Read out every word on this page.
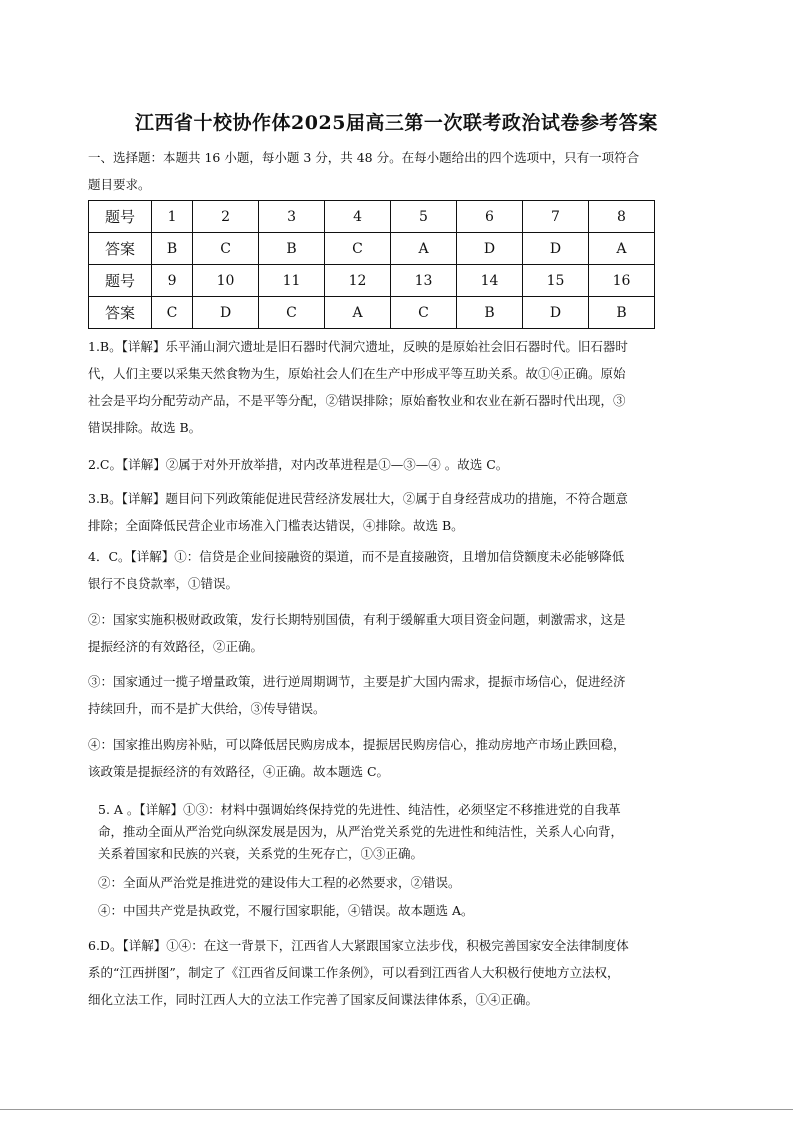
江西省十校协作体2025届高三第一次联考政治试卷参考答案
一、选择题：本题共 16 小题，每小题 3 分，共 48 分。在每小题给出的四个选项中，只有一项符合
题目要求。
题号	1	2	3	4	5	6	7	8
答案	B	C	B	C	A	D	D	A
题号	9	10	11	12	13	14	15	16
答案	C	D	C	A	C	B	D	B
1.B。【详解】乐平涌山洞穴遗址是旧石器时代洞穴遗址，反映的是原始社会旧石器时代。旧石器时
代，人们主要以采集天然食物为生，原始社会人们在生产中形成平等互助关系。故①④正确。原始
社会是平均分配劳动产品，不是平等分配，②错误排除；原始畜牧业和农业在新石器时代出现，③
错误排除。故选 B。
2.C。【详解】②属于对外开放举措，对内改革进程是①—③—④ 。故选 C。
3.B。【详解】题目问下列政策能促进民营经济发展壮大，②属于自身经营成功的措施，不符合题意
排除；全面降低民营企业市场准入门槛表达错误，④排除。故选 B。
4．C。【详解】①：信贷是企业间接融资的渠道，而不是直接融资，且增加信贷额度未必能够降低
银行不良贷款率，①错误。
②：国家实施积极财政政策，发行长期特别国债，有利于缓解重大项目资金问题，刺激需求，这是
提振经济的有效路径，②正确。
③：国家通过一揽子增量政策，进行逆周期调节，主要是扩大国内需求，提振市场信心，促进经济
持续回升，而不是扩大供给，③传导错误。
④：国家推出购房补贴，可以降低居民购房成本，提振居民购房信心，推动房地产市场止跌回稳，
该政策是提振经济的有效路径，④正确。故本题选 C。
5. A 。【详解】①③：材料中强调始终保持党的先进性、纯洁性，必须坚定不移推进党的自我革
命，推动全面从严治党向纵深发展是因为，从严治党关系党的先进性和纯洁性，关系人心向背，
关系着国家和民族的兴衰，关系党的生死存亡，①③正确。
②：全面从严治党是推进党的建设伟大工程的必然要求，②错误。
④：中国共产党是执政党，不履行国家职能，④错误。故本题选 A。
6.D。【详解】①④：在这一背景下，江西省人大紧跟国家立法步伐，积极完善国家安全法律制度体
系的“江西拼图”，制定了《江西省反间谍工作条例》，可以看到江西省人大积极行使地方立法权，
细化立法工作，同时江西人大的立法工作完善了国家反间谍法律体系，①④正确。
